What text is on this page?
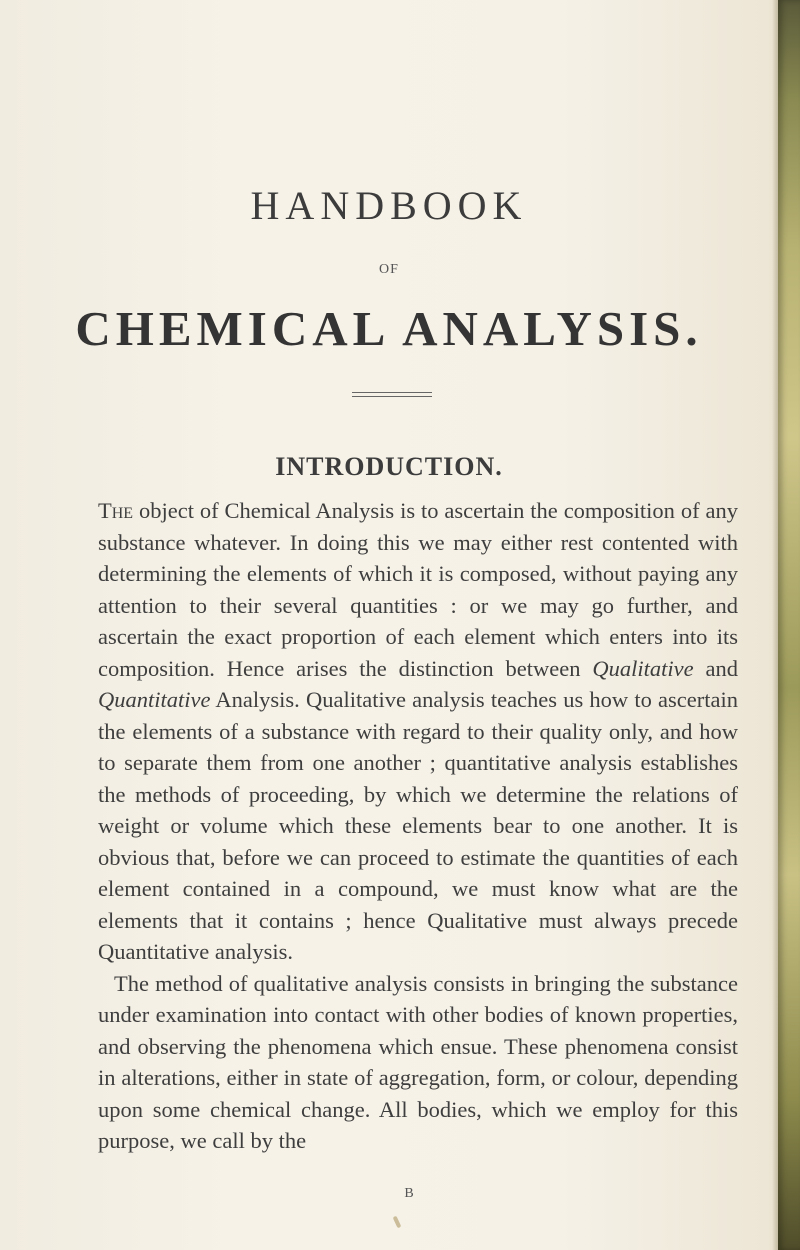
HANDBOOK
OF
CHEMICAL ANALYSIS.
INTRODUCTION.

The object of Chemical Analysis is to ascertain the composition of any substance whatever. In doing this we may either rest contented with determining the elements of which it is composed, without paying any attention to their several quantities : or we may go further, and ascertain the exact proportion of each element which enters into its composition. Hence arises the distinction between Qualitative and Quantitative Analysis. Qualitative analysis teaches us how to ascertain the elements of a substance with regard to their quality only, and how to separate them from one another ; quantitative analysis establishes the methods of proceeding, by which we determine the relations of weight or volume which these elements bear to one another. It is obvious that, before we can proceed to estimate the quantities of each element contained in a compound, we must know what are the elements that it contains ; hence Qualitative must always precede Quantitative analysis.

The method of qualitative analysis consists in bringing the substance under examination into contact with other bodies of known properties, and observing the phenomena which ensue. These phenomena consist in alterations, either in state of aggregation, form, or colour, depending upon some chemical change. All bodies, which we employ for this purpose, we call by the

B
